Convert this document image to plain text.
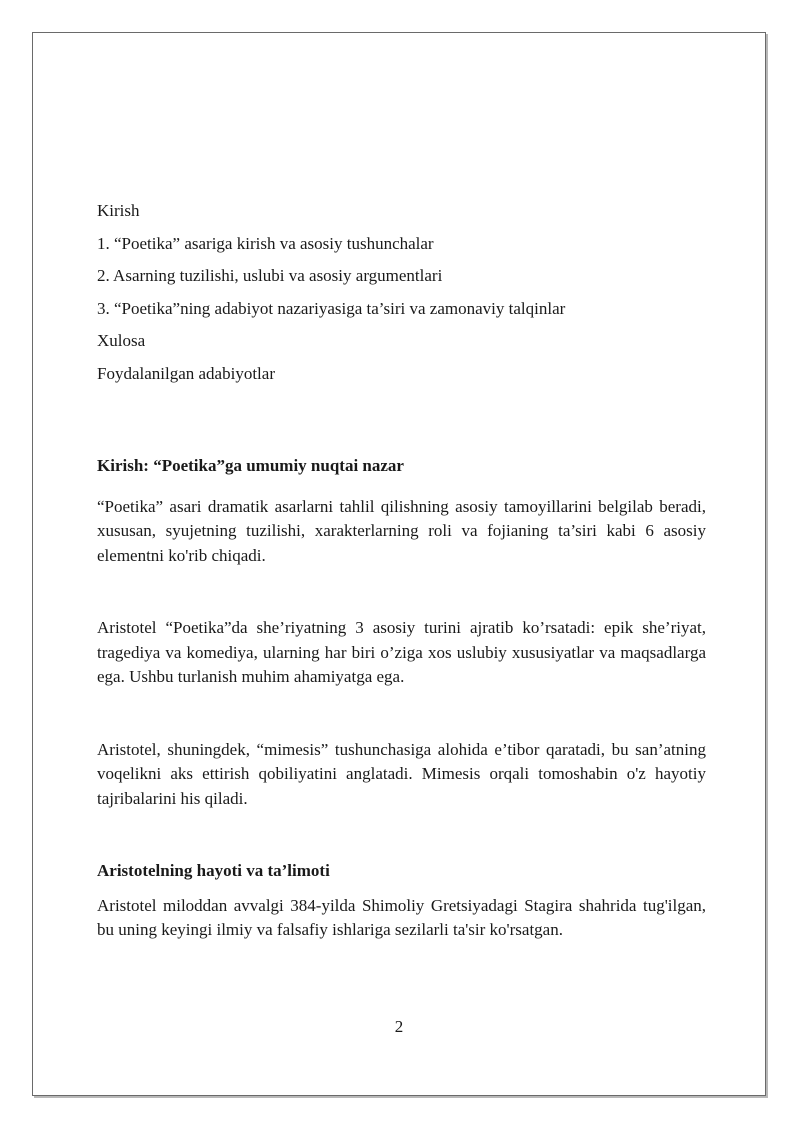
Kirish

1. “Poetika” asariga kirish va asosiy tushunchalar

2. Asarning tuzilishi, uslubi va asosiy argumentlari

3. “Poetika”ning adabiyot nazariyasiga ta’siri va zamonaviy talqinlar

Xulosa

Foydalanilgan adabiyotlar

Kirish: “Poetika”ga umumiy nuqtai nazar

“Poetika” asari dramatik asarlarni tahlil qilishning asosiy tamoyillarini belgilab beradi, xususan, syujetning tuzilishi, xarakterlarning roli va fojianing ta’siri kabi 6 asosiy elementni ko'rib chiqadi.

Aristotel “Poetika”da she’riyatning 3 asosiy turini ajratib ko’rsatadi: epik she’riyat, tragediya va komediya, ularning har biri o’ziga xos uslubiy xususiyatlar va maqsadlarga ega. Ushbu turlanish muhim ahamiyatga ega.

Aristotel, shuningdek, “mimesis” tushunchasiga alohida e’tibor qaratadi, bu san’atning voqelikni aks ettirish qobiliyatini anglatadi. Mimesis orqali tomoshabin o'z hayotiy tajribalarini his qiladi.

Aristotelning hayoti va ta’limoti

Aristotel miloddan avvalgi 384-yilda Shimoliy Gretsiyadagi Stagira shahrida tug'ilgan, bu uning keyingi ilmiy va falsafiy ishlariga sezilarli ta'sir ko'rsatgan.

2
